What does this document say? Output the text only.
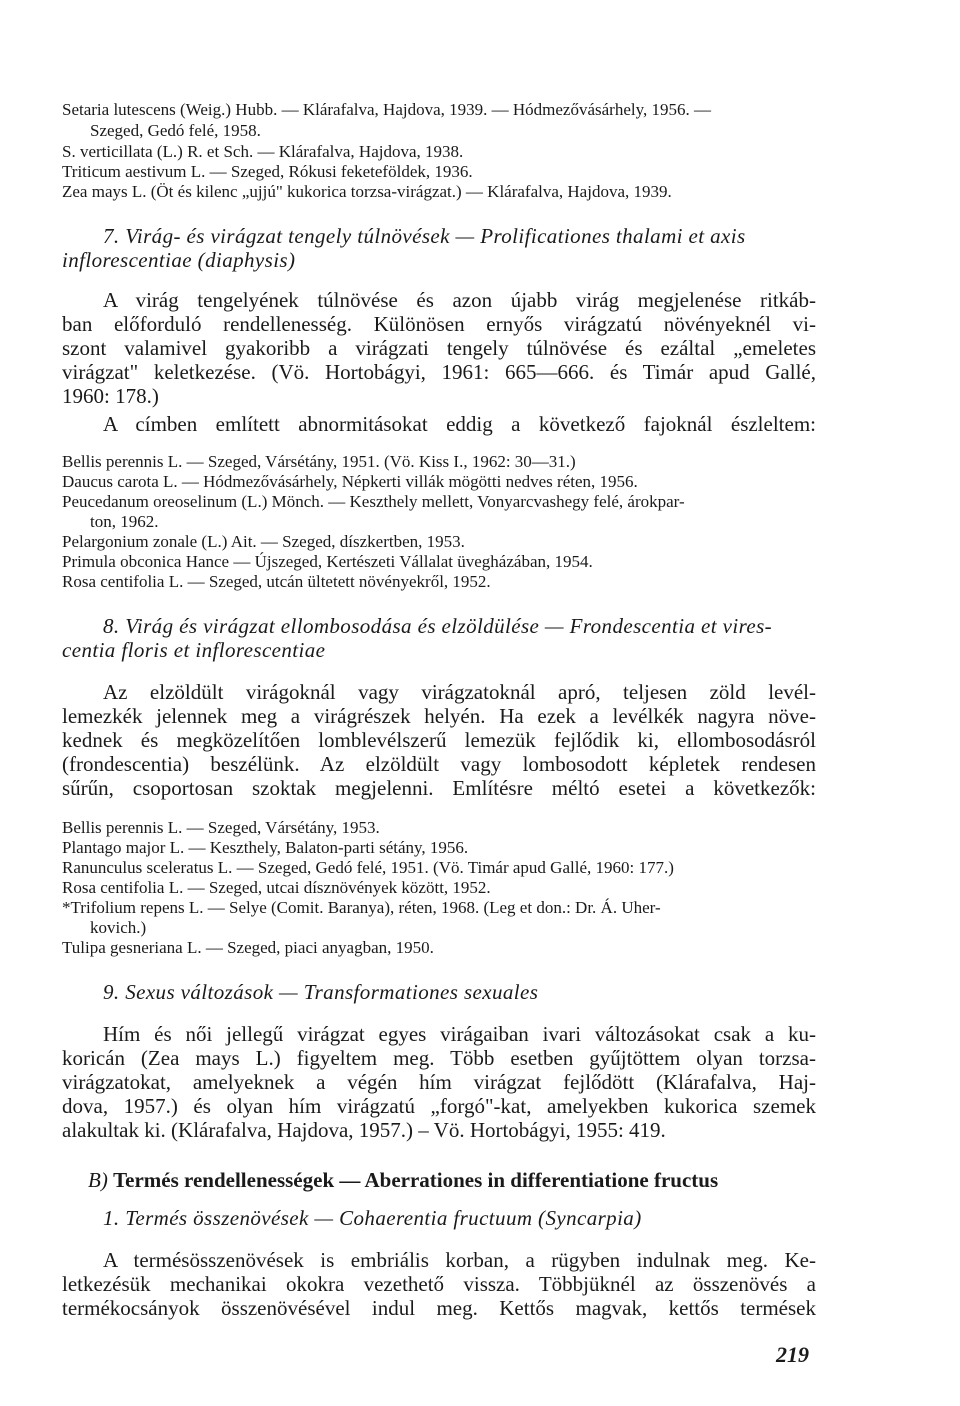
Setaria lutescens (Weig.) Hubb. — Klárafalva, Hajdova, 1939. — Hódmezővásárhely, 1956. —
Szeged, Gedó felé, 1958.
S. verticillata (L.) R. et Sch. — Klárafalva, Hajdova, 1938.
Triticum aestivum L. — Szeged, Rókusi feketeföldek, 1936.
Zea mays L. (Öt és kilenc „ujjú" kukorica torzsa-virágzat.) — Klárafalva, Hajdova, 1939.
7. Virág- és virágzat tengely túlnövések — Prolificationes thalami et axis
inflorescentiae (diaphysis)
A virág tengelyének túlnövése és azon újabb virág megjelenése ritkáb-
ban előforduló rendellenesség. Különösen ernyős virágzatú növényeknél vi-
szont valamivel gyakoribb a virágzati tengely túlnövése és ezáltal „emeletes
virágzat" keletkezése. (Vö. Hortobágyi, 1961: 665—666. és Timár apud Gallé,
1960: 178.)
A címben említett abnormitásokat eddig a következő fajoknál észleltem:
Bellis perennis L. — Szeged, Vársétány, 1951. (Vö. Kiss I., 1962: 30—31.)
Daucus carota L. — Hódmezővásárhely, Népkerti villák mögötti nedves réten, 1956.
Peucedanum oreoselinum (L.) Mönch. — Keszthely mellett, Vonyarcvashegy felé, árokpar-
ton, 1962.
Pelargonium zonale (L.) Ait. — Szeged, díszkertben, 1953.
Primula obconica Hance — Újszeged, Kertészeti Vállalat üvegházában, 1954.
Rosa centifolia L. — Szeged, utcán ültetett növényekről, 1952.
8. Virág és virágzat ellombosodása és elzöldülése — Frondescentia et vires-
centia floris et inflorescentiae
Az elzöldült virágoknál vagy virágzatoknál apró, teljesen zöld levél-
lemezkék jelennek meg a virágrészek helyén. Ha ezek a levélkék nagyra növe-
kednek és megközelítően lomblevélszerű lemezük fejlődik ki, ellombosodásról
(frondescentia) beszélünk. Az elzöldült vagy lombosodott képletek rendesen
sűrűn, csoportosan szoktak megjelenni. Említésre méltó esetei a következők:
Bellis perennis L. — Szeged, Vársétány, 1953.
Plantago major L. — Keszthely, Balaton-parti sétány, 1956.
Ranunculus sceleratus L. — Szeged, Gedó felé, 1951. (Vö. Timár apud Gallé, 1960: 177.)
Rosa centifolia L. — Szeged, utcai dísznövények között, 1952.
*Trifolium repens L. — Selye (Comit. Baranya), réten, 1968. (Leg et don.: Dr. Á. Uher-
kovich.)
Tulipa gesneriana L. — Szeged, piaci anyagban, 1950.
9. Sexus változások — Transformationes sexuales
Hím és női jellegű virágzat egyes virágaiban ivari változásokat csak a ku-
koricán (Zea mays L.) figyeltem meg. Több esetben gyűjtöttem olyan torzsa-
virágzatokat, amelyeknek a végén hím virágzat fejlődött (Klárafalva, Haj-
dova, 1957.) és olyan hím virágzatú „forgó"-kat, amelyekben kukorica szemek
alakultak ki. (Klárafalva, Hajdova, 1957.) – Vö. Hortobágyi, 1955: 419.
B) Termés rendellenességek — Aberrationes in differentiatione fructus
1. Termés összenövések — Cohaerentia fructuum (Syncarpia)
A termésösszenövések is embriális korban, a rügyben indulnak meg. Ke-
letkezésük mechanikai okokra vezethető vissza. Többjüknél az összenövés a
termékocsányok összenövésével indul meg. Kettős magvak, kettős termések
219
